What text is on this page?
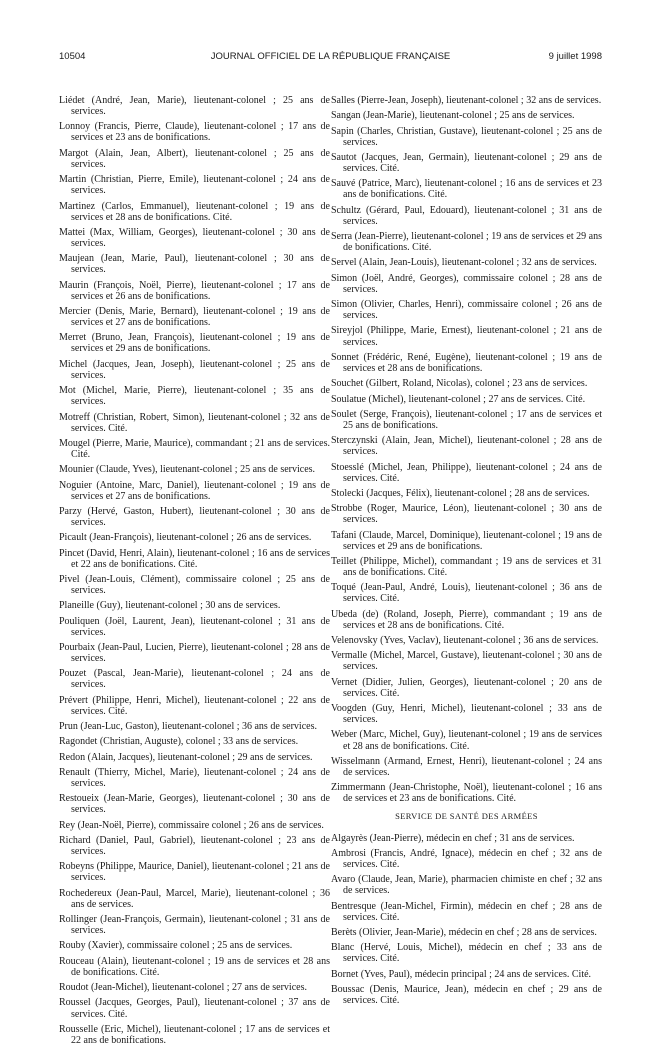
10504	JOURNAL OFFICIEL DE LA RÉPUBLIQUE FRANÇAISE	9 juillet 1998

Liédet (André, Jean, Marie), lieutenant-colonel ; 25 ans de services.

Lonnoy (Francis, Pierre, Claude), lieutenant-colonel ; 17 ans de services et 23 ans de bonifications.

Margot (Alain, Jean, Albert), lieutenant-colonel ; 25 ans de services.

Martin (Christian, Pierre, Emile), lieutenant-colonel ; 24 ans de services.

Martinez (Carlos, Emmanuel), lieutenant-colonel ; 19 ans de services et 28 ans de bonifications. Cité.

Mattei (Max, William, Georges), lieutenant-colonel ; 30 ans de services.

Maujean (Jean, Marie, Paul), lieutenant-colonel ; 30 ans de services.

Maurin (François, Noël, Pierre), lieutenant-colonel ; 17 ans de services et 26 ans de bonifications.

Mercier (Denis, Marie, Bernard), lieutenant-colonel ; 19 ans de services et 27 ans de bonifications.

Merret (Bruno, Jean, François), lieutenant-colonel ; 19 ans de services et 29 ans de bonifications.

Michel (Jacques, Jean, Joseph), lieutenant-colonel ; 25 ans de services.

Mot (Michel, Marie, Pierre), lieutenant-colonel ; 35 ans de services.

Motreff (Christian, Robert, Simon), lieutenant-colonel ; 32 ans de services. Cité.

Mougel (Pierre, Marie, Maurice), commandant ; 21 ans de services. Cité.

Mounier (Claude, Yves), lieutenant-colonel ; 25 ans de services.

Noguier (Antoine, Marc, Daniel), lieutenant-colonel ; 19 ans de services et 27 ans de bonifications.

Parzy (Hervé, Gaston, Hubert), lieutenant-colonel ; 30 ans de services.

Picault (Jean-François), lieutenant-colonel ; 26 ans de services.

Pincet (David, Henri, Alain), lieutenant-colonel ; 16 ans de services et 22 ans de bonifications. Cité.

Pivel (Jean-Louis, Clément), commissaire colonel ; 25 ans de services.

Planeille (Guy), lieutenant-colonel ; 30 ans de services.

Pouliquen (Joël, Laurent, Jean), lieutenant-colonel ; 31 ans de services.

Pourbaix (Jean-Paul, Lucien, Pierre), lieutenant-colonel ; 28 ans de services.

Pouzet (Pascal, Jean-Marie), lieutenant-colonel ; 24 ans de services.

Prévert (Philippe, Henri, Michel), lieutenant-colonel ; 22 ans de services. Cité.

Prun (Jean-Luc, Gaston), lieutenant-colonel ; 36 ans de services.

Ragondet (Christian, Auguste), colonel ; 33 ans de services.

Redon (Alain, Jacques), lieutenant-colonel ; 29 ans de services.

Renault (Thierry, Michel, Marie), lieutenant-colonel ; 24 ans de services.

Restoueix (Jean-Marie, Georges), lieutenant-colonel ; 30 ans de services.

Rey (Jean-Noël, Pierre), commissaire colonel ; 26 ans de services.

Richard (Daniel, Paul, Gabriel), lieutenant-colonel ; 23 ans de services.

Robeyns (Philippe, Maurice, Daniel), lieutenant-colonel ; 21 ans de services.

Rochedereux (Jean-Paul, Marcel, Marie), lieutenant-colonel ; 36 ans de services.

Rollinger (Jean-François, Germain), lieutenant-colonel ; 31 ans de services.

Rouby (Xavier), commissaire colonel ; 25 ans de services.

Rouceau (Alain), lieutenant-colonel ; 19 ans de services et 28 ans de bonifications. Cité.

Roudot (Jean-Michel), lieutenant-colonel ; 27 ans de services.

Roussel (Jacques, Georges, Paul), lieutenant-colonel ; 37 ans de services. Cité.

Rousselle (Eric, Michel), lieutenant-colonel ; 17 ans de services et 22 ans de bonifications.

Salles (Pierre-Jean, Joseph), lieutenant-colonel ; 32 ans de services.

Sangan (Jean-Marie), lieutenant-colonel ; 25 ans de services.

Sapin (Charles, Christian, Gustave), lieutenant-colonel ; 25 ans de services.

Sautot (Jacques, Jean, Germain), lieutenant-colonel ; 29 ans de services. Cité.

Sauvé (Patrice, Marc), lieutenant-colonel ; 16 ans de services et 23 ans de bonifications. Cité.

Schultz (Gérard, Paul, Edouard), lieutenant-colonel ; 31 ans de services.

Serra (Jean-Pierre), lieutenant-colonel ; 19 ans de services et 29 ans de bonifications. Cité.

Servel (Alain, Jean-Louis), lieutenant-colonel ; 32 ans de services.

Simon (Joël, André, Georges), commissaire colonel ; 28 ans de services.

Simon (Olivier, Charles, Henri), commissaire colonel ; 26 ans de services.

Sireyjol (Philippe, Marie, Ernest), lieutenant-colonel ; 21 ans de services.

Sonnet (Frédéric, René, Eugène), lieutenant-colonel ; 19 ans de services et 28 ans de bonifications.

Souchet (Gilbert, Roland, Nicolas), colonel ; 23 ans de services.

Soulatue (Michel), lieutenant-colonel ; 27 ans de services. Cité.

Soulet (Serge, François), lieutenant-colonel ; 17 ans de services et 25 ans de bonifications.

Sterczynski (Alain, Jean, Michel), lieutenant-colonel ; 28 ans de services.

Stoesslé (Michel, Jean, Philippe), lieutenant-colonel ; 24 ans de services. Cité.

Stolecki (Jacques, Félix), lieutenant-colonel ; 28 ans de services.

Strobbe (Roger, Maurice, Léon), lieutenant-colonel ; 30 ans de services.

Tafani (Claude, Marcel, Dominique), lieutenant-colonel ; 19 ans de services et 29 ans de bonifications.

Teillet (Philippe, Michel), commandant ; 19 ans de services et 31 ans de bonifications. Cité.

Toqué (Jean-Paul, André, Louis), lieutenant-colonel ; 36 ans de services. Cité.

Ubeda (de) (Roland, Joseph, Pierre), commandant ; 19 ans de services et 28 ans de bonifications. Cité.

Velenovsky (Yves, Vaclav), lieutenant-colonel ; 36 ans de services.

Vermalle (Michel, Marcel, Gustave), lieutenant-colonel ; 30 ans de services.

Vernet (Didier, Julien, Georges), lieutenant-colonel ; 20 ans de services. Cité.

Voogden (Guy, Henri, Michel), lieutenant-colonel ; 33 ans de services.

Weber (Marc, Michel, Guy), lieutenant-colonel ; 19 ans de services et 28 ans de bonifications. Cité.

Wisselmann (Armand, Ernest, Henri), lieutenant-colonel ; 24 ans de services.

Zimmermann (Jean-Christophe, Noël), lieutenant-colonel ; 16 ans de services et 23 ans de bonifications. Cité.

SERVICE DE SANTÉ DES ARMÉES

Algayrès (Jean-Pierre), médecin en chef ; 31 ans de services.

Ambrosi (Francis, André, Ignace), médecin en chef ; 32 ans de services. Cité.

Avaro (Claude, Jean, Marie), pharmacien chimiste en chef ; 32 ans de services.

Bentresque (Jean-Michel, Firmin), médecin en chef ; 28 ans de services. Cité.

Berèts (Olivier, Jean-Marie), médecin en chef ; 28 ans de services.

Blanc (Hervé, Louis, Michel), médecin en chef ; 33 ans de services. Cité.

Bornet (Yves, Paul), médecin principal ; 24 ans de services. Cité.

Boussac (Denis, Maurice, Jean), médecin en chef ; 29 ans de services. Cité.
